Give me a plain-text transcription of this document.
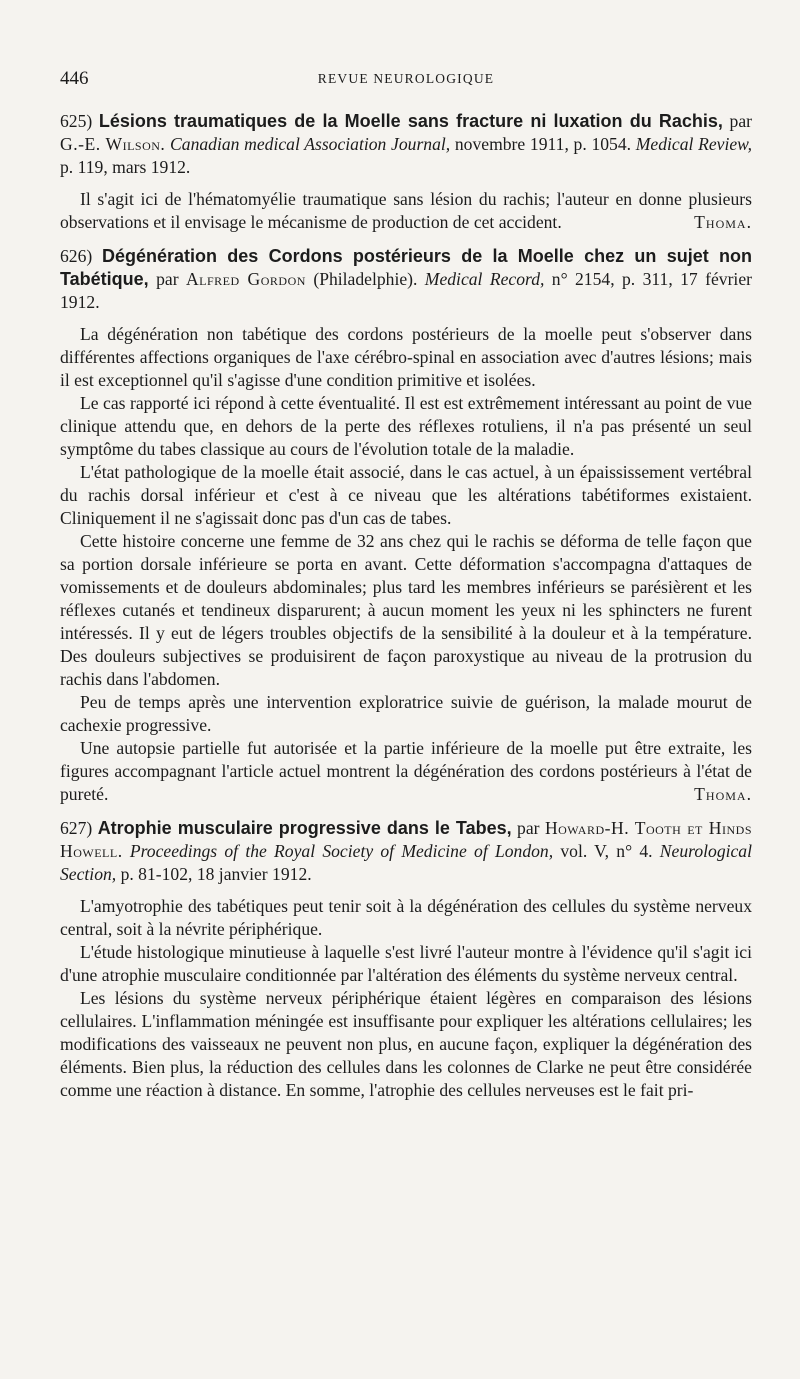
446	REVUE NEUROLOGIQUE
625) Lésions traumatiques de la Moelle sans fracture ni luxation du Rachis, par G.-E. Wilson. Canadian medical Association Journal, novembre 1911, p. 1054. Medical Review, p. 119, mars 1912.

Il s'agit ici de l'hématomyélie traumatique sans lésion du rachis; l'auteur en donne plusieurs observations et il envisage le mécanisme de production de cet accident.	Thoma.

626) Dégénération des Cordons postérieurs de la Moelle chez un sujet non Tabétique, par Alfred Gordon (Philadelphie). Medical Record, n° 2154, p. 311, 17 février 1912.

La dégénération non tabétique des cordons postérieurs de la moelle peut s'observer dans différentes affections organiques de l'axe cérébro-spinal en association avec d'autres lésions; mais il est exceptionnel qu'il s'agisse d'une condition primitive et isolées.

Le cas rapporté ici répond à cette éventualité. Il est est extrêmement intéressant au point de vue clinique attendu que, en dehors de la perte des réflexes rotuliens, il n'a pas présenté un seul symptôme du tabes classique au cours de l'évolution totale de la maladie.

L'état pathologique de la moelle était associé, dans le cas actuel, à un épaississement vertébral du rachis dorsal inférieur et c'est à ce niveau que les altérations tabétiformes existaient. Cliniquement il ne s'agissait donc pas d'un cas de tabes.

Cette histoire concerne une femme de 32 ans chez qui le rachis se déforma de telle façon que sa portion dorsale inférieure se porta en avant. Cette déformation s'accompagna d'attaques de vomissements et de douleurs abdominales; plus tard les membres inférieurs se parésièrent et les réflexes cutanés et tendineux disparurent; à aucun moment les yeux ni les sphincters ne furent intéressés. Il y eut de légers troubles objectifs de la sensibilité à la douleur et à la température. Des douleurs subjectives se produisirent de façon paroxystique au niveau de la protrusion du rachis dans l'abdomen.

Peu de temps après une intervention exploratrice suivie de guérison, la malade mourut de cachexie progressive.

Une autopsie partielle fut autorisée et la partie inférieure de la moelle put être extraite, les figures accompagnant l'article actuel montrent la dégénération des cordons postérieurs à l'état de pureté.	Thoma.

627) Atrophie musculaire progressive dans le Tabes, par Howard-H. Tooth et Hinds Howell. Proceedings of the Royal Society of Medicine of London, vol. V, n° 4. Neurological Section, p. 81-102, 18 janvier 1912.

L'amyotrophie des tabétiques peut tenir soit à la dégénération des cellules du système nerveux central, soit à la névrite périphérique.

L'étude histologique minutieuse à laquelle s'est livré l'auteur montre à l'évidence qu'il s'agit ici d'une atrophie musculaire conditionnée par l'altération des éléments du système nerveux central.

Les lésions du système nerveux périphérique étaient légères en comparaison des lésions cellulaires. L'inflammation méningée est insuffisante pour expliquer les altérations cellulaires; les modifications des vaisseaux ne peuvent non plus, en aucune façon, expliquer la dégénération des éléments. Bien plus, la réduction des cellules dans les colonnes de Clarke ne peut être considérée comme une réaction à distance. En somme, l'atrophie des cellules nerveuses est le fait pri-
